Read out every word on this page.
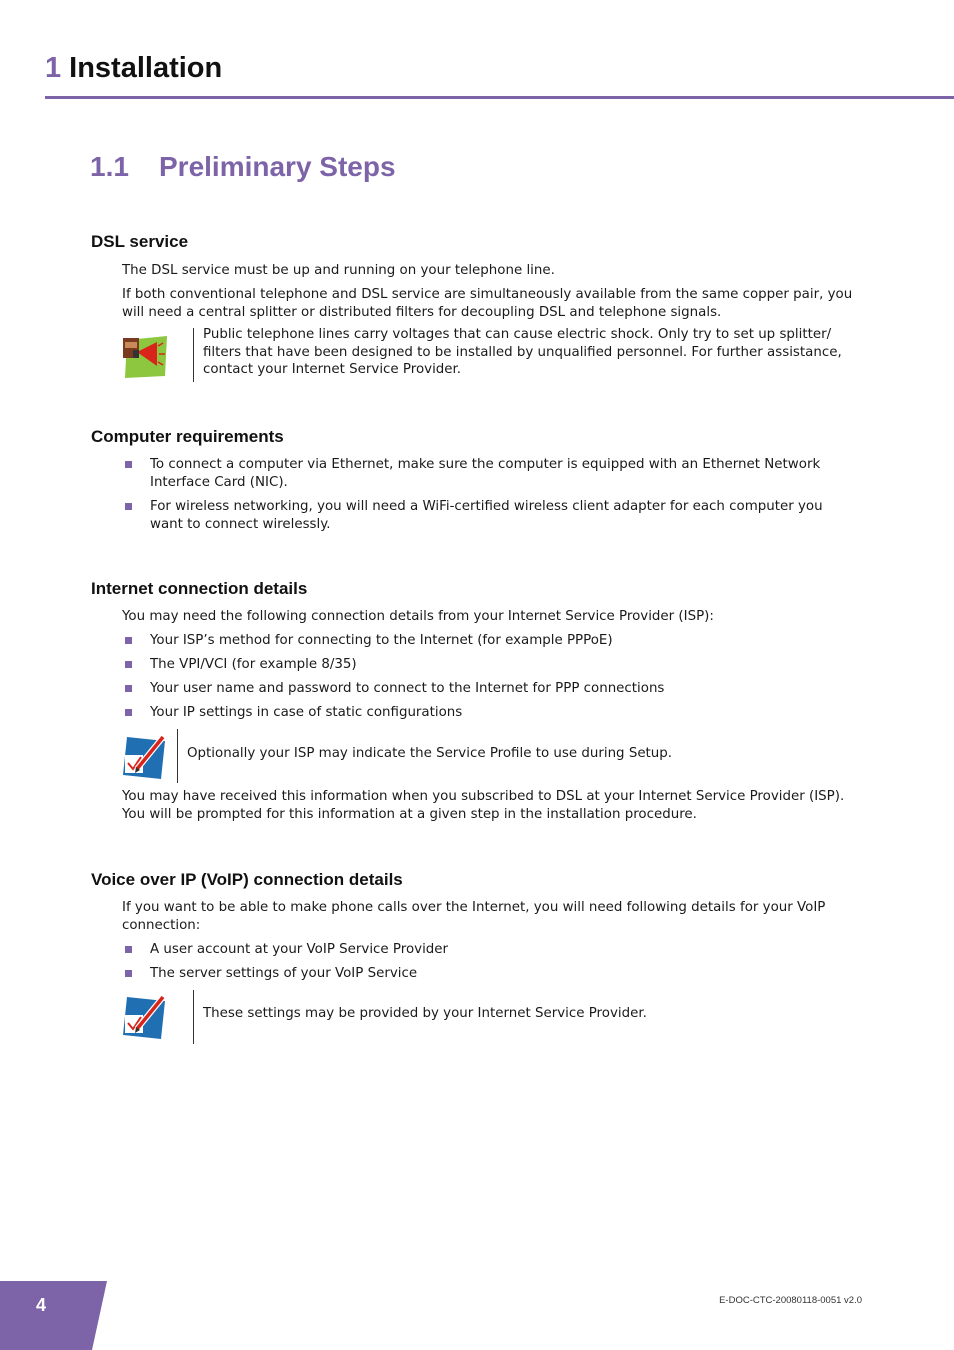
1 Installation
1.1 Preliminary Steps
DSL service

The DSL service must be up and running on your telephone line.

If both conventional telephone and DSL service are simultaneously available from the same copper pair, you will need a central splitter or distributed filters for decoupling DSL and telephone signals.

Public telephone lines carry voltages that can cause electric shock. Only try to set up splitter/ filters that have been designed to be installed by unqualified personnel. For further assistance, contact your Internet Service Provider.
Computer requirements
To connect a computer via Ethernet, make sure the computer is equipped with an Ethernet Network Interface Card (NIC).
For wireless networking, you will need a WiFi-certified wireless client adapter for each computer you want to connect wirelessly.
Internet connection details

You may need the following connection details from your Internet Service Provider (ISP):

Your ISP’s method for connecting to the Internet (for example PPPoE)
The VPI/VCI (for example 8/35)
Your user name and password to connect to the Internet for PPP connections
Your IP settings in case of static configurations
Optionally your ISP may indicate the Service Profile to use during Setup.

You may have received this information when you subscribed to DSL at your Internet Service Provider (ISP). You will be prompted for this information at a given step in the installation procedure.

Voice over IP (VoIP) connection details

If you want to be able to make phone calls over the Internet, you will need following details for your VoIP connection:

A user account at your VoIP Service Provider
The server settings of your VoIP Service
These settings may be provided by your Internet Service Provider.
4	E-DOC-CTC-20080118-0051 v2.0
